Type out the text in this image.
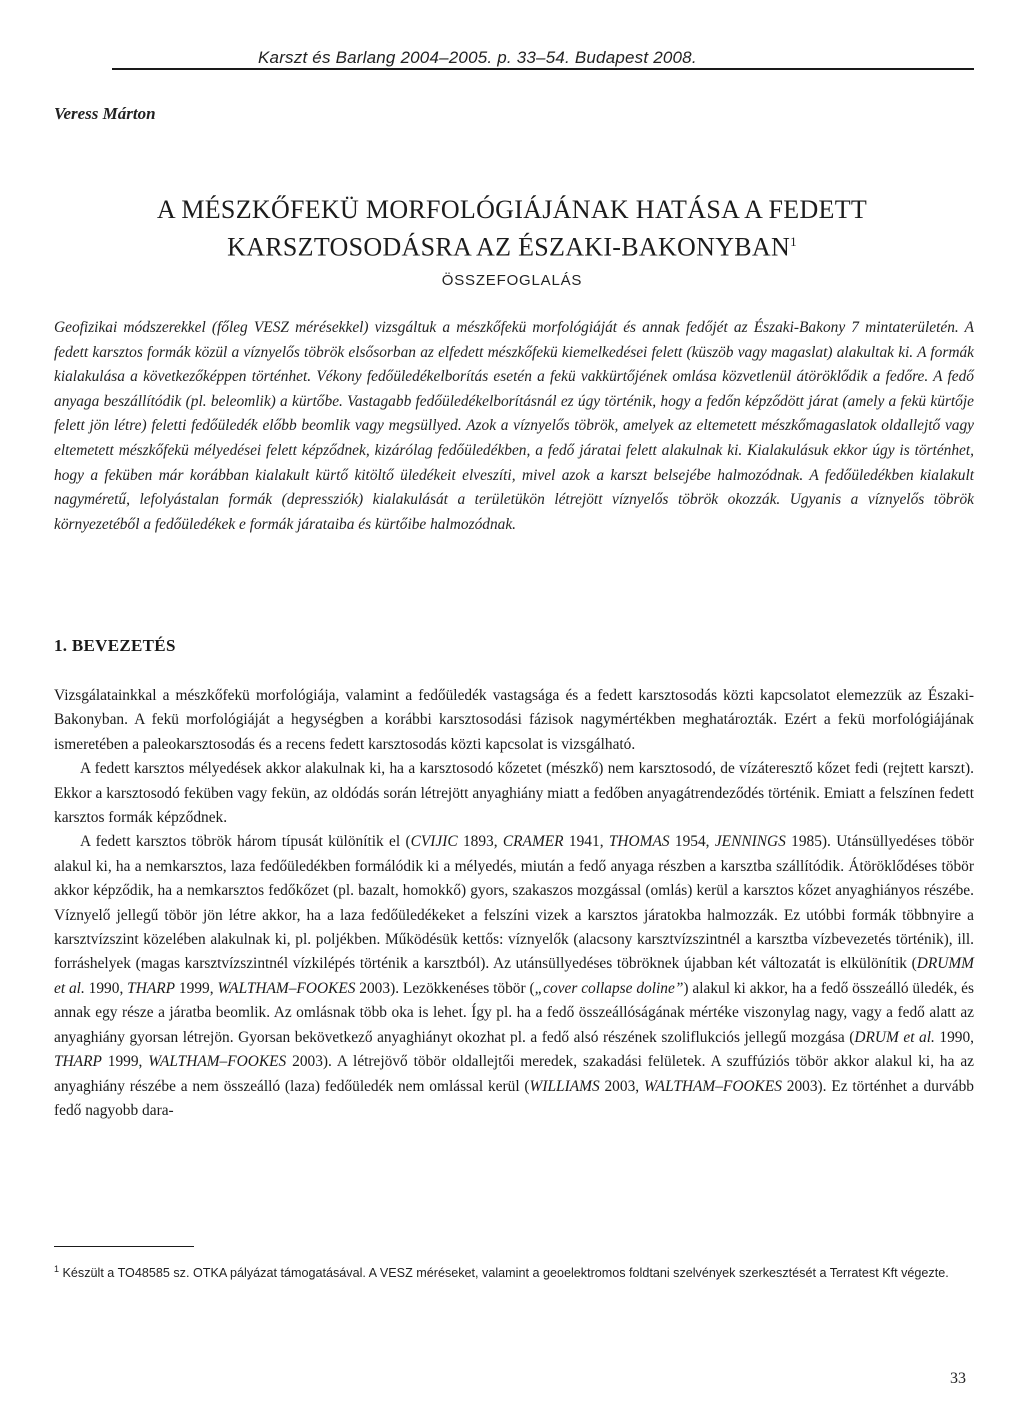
Karszt és Barlang 2004–2005. p. 33–54. Budapest 2008.
Veress Márton
A MÉSZKŐFEKÜ MORFOLÓGIÁJÁNAK HATÁSA A FEDETT
KARSZTOSODÁSRA AZ ÉSZAKI-BAKONYBAN$^1$
ÖSSZEFOGLALÁS
Geofizikai módszerekkel (főleg VESZ mérésekkel) vizsgáltuk a mészkőfekü morfológiáját és annak fedőjét az Északi-Bakony 7 mintaterületén. A fedett karsztos formák közül a víznyelős töbrök elsősorban az elfedett mészkőfekü kiemelkedései felett (küszöb vagy magaslat) alakultak ki. A formák kialakulása a következőképpen történhet. Vékony fedőüledékelborítás esetén a fekü vakkürtőjének omlása közvetlenül átöröklődik a fedőre. A fedő anyaga beszállítódik (pl. beleomlik) a kürtőbe. Vastagabb fedőüledékelborításnál ez úgy történik, hogy a fedőn képződött járat (amely a fekü kürtője felett jön létre) feletti fedőüledék előbb beomlik vagy megsüllyed. Azok a víznyelős töbrök, amelyek az eltemetett mészkőmagaslatok oldallejtő vagy eltemetett mészkőfekü mélyedései felett képződnek, kizárólag fedőüledékben, a fedő járatai felett alakulnak ki. Kialakulásuk ekkor úgy is történhet, hogy a feküben már korábban kialakult kürtő kitöltő üledékeit elveszíti, mivel azok a karszt belsejébe halmozódnak. A fedőüledékben kialakult nagyméretű, lefolyástalan formák (depressziók) kialakulását a területükön létrejött víznyelős töbrök okozzák. Ugyanis a víznyelős töbrök környezetéből a fedőüledékek e formák járataiba és kürtőibe halmozódnak.
1. BEVEZETÉS

Vizsgálatainkkal a mészkőfekü morfológiája, valamint a fedőüledék vastagsága és a fedett karsztosodás közti kapcsolatot elemezzük az Északi-Bakonyban. A fekü morfológiáját a hegységben a korábbi karsztosodási fázisok nagymértékben meghatározták. Ezért a fekü morfológiájának ismeretében a paleokarsztosodás és a recens fedett karsztosodás közti kapcsolat is vizsgálható.

A fedett karsztos mélyedések akkor alakulnak ki, ha a karsztosodó kőzetet (mészkő) nem karsztosodó, de vízáteresztő kőzet fedi (rejtett karszt). Ekkor a karsztosodó feküben vagy fekün, az oldódás során létrejött anyaghiány miatt a fedőben anyagátrendeződés történik. Emiatt a felszínen fedett karsztos formák képződnek.

A fedett karsztos töbrök három típusát különítik el (CVIJIC 1893, CRAMER 1941, THOMAS 1954, JENNINGS 1985). Utánsüllyedéses töbör alakul ki, ha a nemkarsztos, laza fedőüledékben formálódik ki a mélyedés, miután a fedő anyaga részben a karsztba szállítódik. Átöröklődéses töbör akkor képződik, ha a nemkarsztos fedőkőzet (pl. bazalt, homokkő) gyors, szakaszos mozgással (omlás) kerül a karsztos kőzet anyaghiányos részébe. Víznyelő jellegű töbör jön létre akkor, ha a laza fedőüledékeket a felszíni vizek a karsztos járatokba halmozzák. Ez utóbbi formák többnyire a karsztvízszint közelében alakulnak ki, pl. poljékben. Működésük kettős: víznyelők (alacsony karsztvízszintnél a karsztba vízbevezetés történik), ill. forráshelyek (magas karsztvízszintnél vízkilépés történik a karsztból). Az utánsüllyedéses töbröknek újabban két változatát is elkülönítik (DRUMM et al. 1990, THARP 1999, WALTHAM–FOOKES 2003). Lezökkenéses töbör („cover collapse doline”) alakul ki akkor, ha a fedő összeálló üledék, és annak egy része a járatba beomlik. Az omlásnak több oka is lehet. Így pl. ha a fedő összeállóságának mértéke viszonylag nagy, vagy a fedő alatt az anyaghiány gyorsan létrejön. Gyorsan bekövetkező anyaghiányt okozhat pl. a fedő alsó részének szoliflukciós jellegű mozgása (DRUM et al. 1990, THARP 1999, WALTHAM–FOOKES 2003). A létrejövő töbör oldallejtői meredek, szakadási felületek. A szuffúziós töbör akkor alakul ki, ha az anyaghiány részébe a nem összeálló (laza) fedőüledék nem omlással kerül (WILLIAMS 2003, WALTHAM–FOOKES 2003). Ez történhet a durvább fedő nagyobb dara-

$^1$ Készült a TO48585 sz. OTKA pályázat támogatásával. A VESZ méréseket, valamint a geoelektromos foldtani szelvények szerkesztését a Terratest Kft végezte.
33
